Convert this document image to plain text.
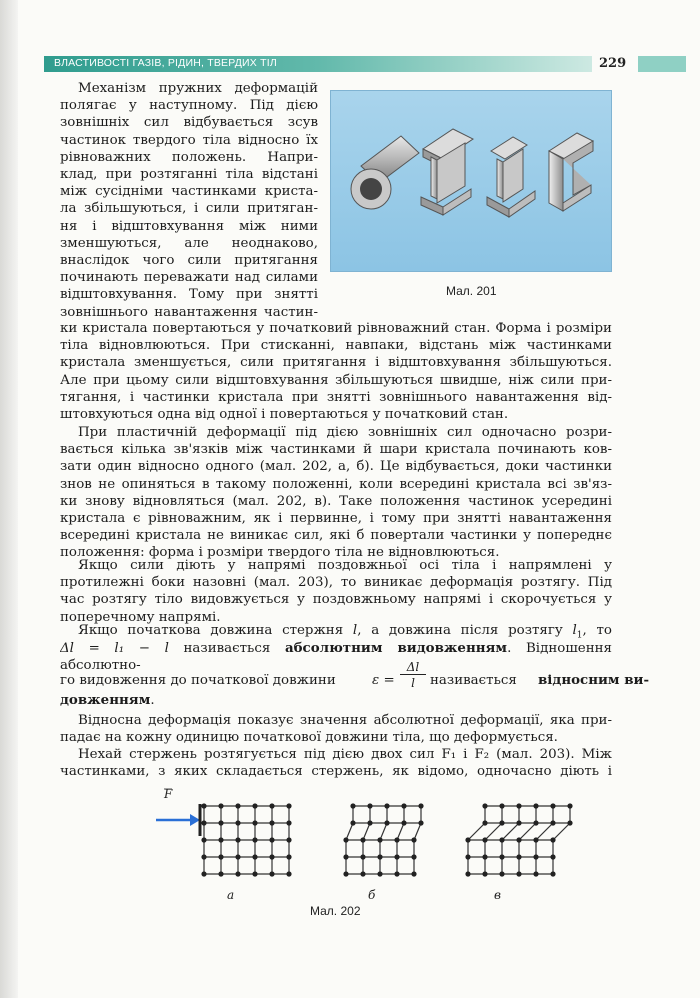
ВЛАСТИВОСТІ ГАЗІВ, РІДИН, ТВЕРДИХ ТІЛ	229
Механізм пружних деформацій
полягає у наступному. Під дією
зовнішніх сил відбувається зсув
частинок твердого тіла відносно їх
рівноважних положень. Напри-
клад, при розтяганні тіла відстані
між сусідніми частинками криста-
ла збільшуються, і сили притяган-
ня і відштовхування між ними
зменшуються, але неоднаково,
внаслідок чого сили притягання
починають переважати над силами
відштовхування. Тому при знятті
зовнішнього навантаження частин-
Мал. 201
ки кристала повертаються у початковий рівноважний стан. Форма і розміри
тіла відновлюються. При стисканні, навпаки, відстань між частинками
кристала зменшується, сили притягання і відштовхування збільшуються.
Але при цьому сили відштовхування збільшуються швидше, ніж сили при-
тягання, і частинки кристала при знятті зовнішнього навантаження від-
штовхуються одна від одної і повертаються у початковий стан.
При пластичній деформації під дією зовнішніх сил одночасно розри-
вається кілька зв'язків між частинками й шари кристала починають ков-
зати один відносно одного (мал. 202, а, б). Це відбувається, доки частинки
знов не опиняться в такому положенні, коли всередині кристала всі зв'яз-
ки знову відновляться (мал. 202, в). Таке положення частинок усередині
кристала є рівноважним, як і первинне, і тому при знятті навантаження
всередині кристала не виникає сил, які б повертали частинки у попереднє
положення: форма і розміри твердого тіла не відновлюються.
Якщо сили діють у напрямі поздовжньої осі тіла і напрямлені у
протилежні боки назовні (мал. 203), то виникає деформація розтягу. Під
час розтягу тіло видовжується у поздовжньому напрямі і скорочується у
поперечному напрямі.
Якщо початкова довжина стержня l, а довжина після розтягу $l_1$, то
Δl = l₁ − l називається абсолютним видовженням. Відношення абсолютно-
го видовження до початкової довжини	ε =
Δl
l	називається відносним ви-
довженням.
Відносна деформація показує значення абсолютної деформації, яка при-
падає на кожну одиницю початкової довжини тіла, що деформується.
Нехай стержень розтягується під дією двох сил F₁ і F₂ (мал. 203). Між
частинками, з яких складається стержень, як відомо, одночасно діють і
F
а	б	в
Мал. 202
